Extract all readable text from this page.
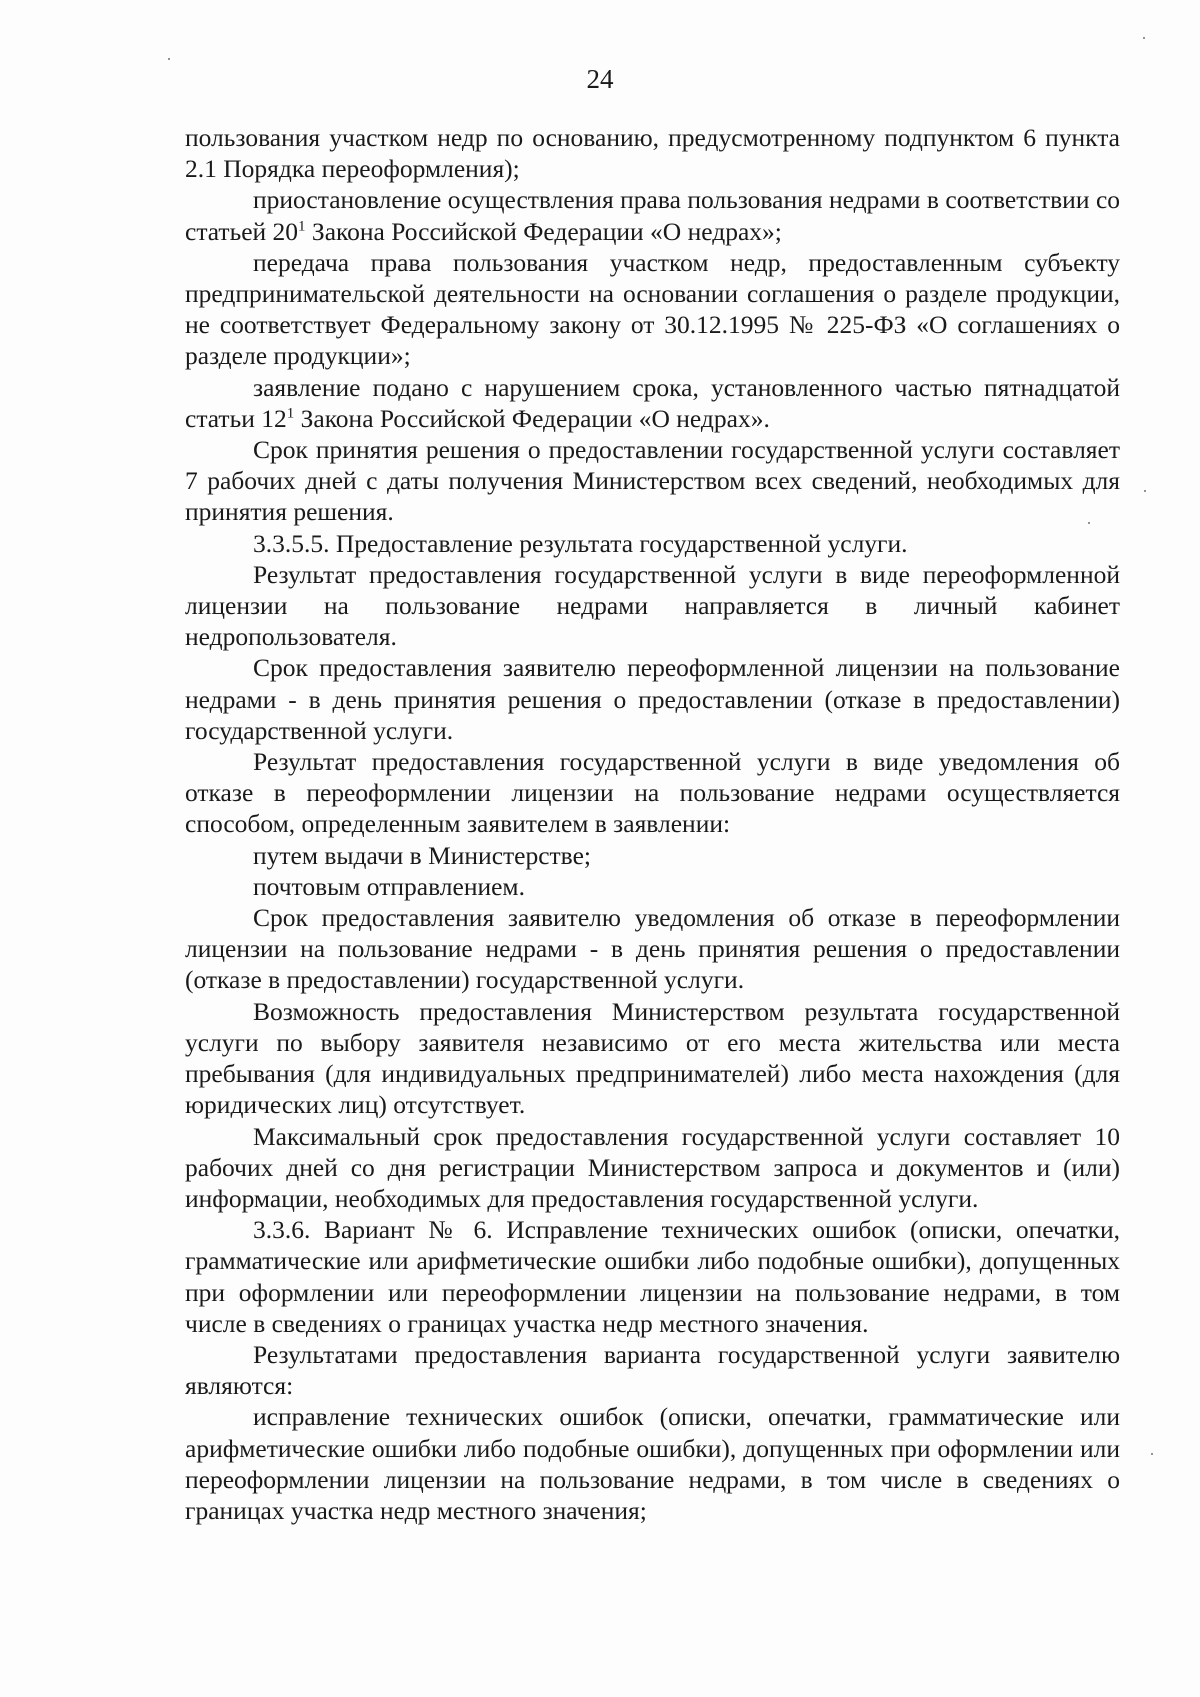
24

пользования участком недр по основанию, предусмотренному подпунктом 6 пункта 2.1 Порядка переоформления);

приостановление осуществления права пользования недрами в соответствии со статьей $20^1$ Закона Российской Федерации «О недрах»;

передача права пользования участком недр, предоставленным субъекту предпринимательской деятельности на основании соглашения о разделе продукции, не соответствует Федеральному закону от 30.12.1995 № 225-ФЗ «О соглашениях о разделе продукции»;

заявление подано с нарушением срока, установленного частью пятнадцатой статьи $12^1$ Закона Российской Федерации «О недрах».

Срок принятия решения о предоставлении государственной услуги составляет 7 рабочих дней с даты получения Министерством всех сведений, необходимых для принятия решения.

3.3.5.5. Предоставление результата государственной услуги.

Результат предоставления государственной услуги в виде переоформленной лицензии на пользование недрами направляется в личный кабинет недропользователя.

Срок предоставления заявителю переоформленной лицензии на пользование недрами - в день принятия решения о предоставлении (отказе в предоставлении) государственной услуги.

Результат предоставления государственной услуги в виде уведомления об отказе в переоформлении лицензии на пользование недрами осуществляется способом, определенным заявителем в заявлении:

путем выдачи в Министерстве;

почтовым отправлением.

Срок предоставления заявителю уведомления об отказе в переоформлении лицензии на пользование недрами - в день принятия решения о предоставлении (отказе в предоставлении) государственной услуги.

Возможность предоставления Министерством результата государственной услуги по выбору заявителя независимо от его места жительства или места пребывания (для индивидуальных предпринимателей) либо места нахождения (для юридических лиц) отсутствует.

Максимальный срок предоставления государственной услуги составляет 10 рабочих дней со дня регистрации Министерством запроса и документов и (или) информации, необходимых для предоставления государственной услуги.

3.3.6. Вариант № 6. Исправление технических ошибок (описки, опечатки, грамматические или арифметические ошибки либо подобные ошибки), допущенных при оформлении или переоформлении лицензии на пользование недрами, в том числе в сведениях о границах участка недр местного значения.

Результатами предоставления варианта государственной услуги заявителю являются:

исправление технических ошибок (описки, опечатки, грамматические или арифметические ошибки либо подобные ошибки), допущенных при оформлении или переоформлении лицензии на пользование недрами, в том числе в сведениях о границах участка недр местного значения;
